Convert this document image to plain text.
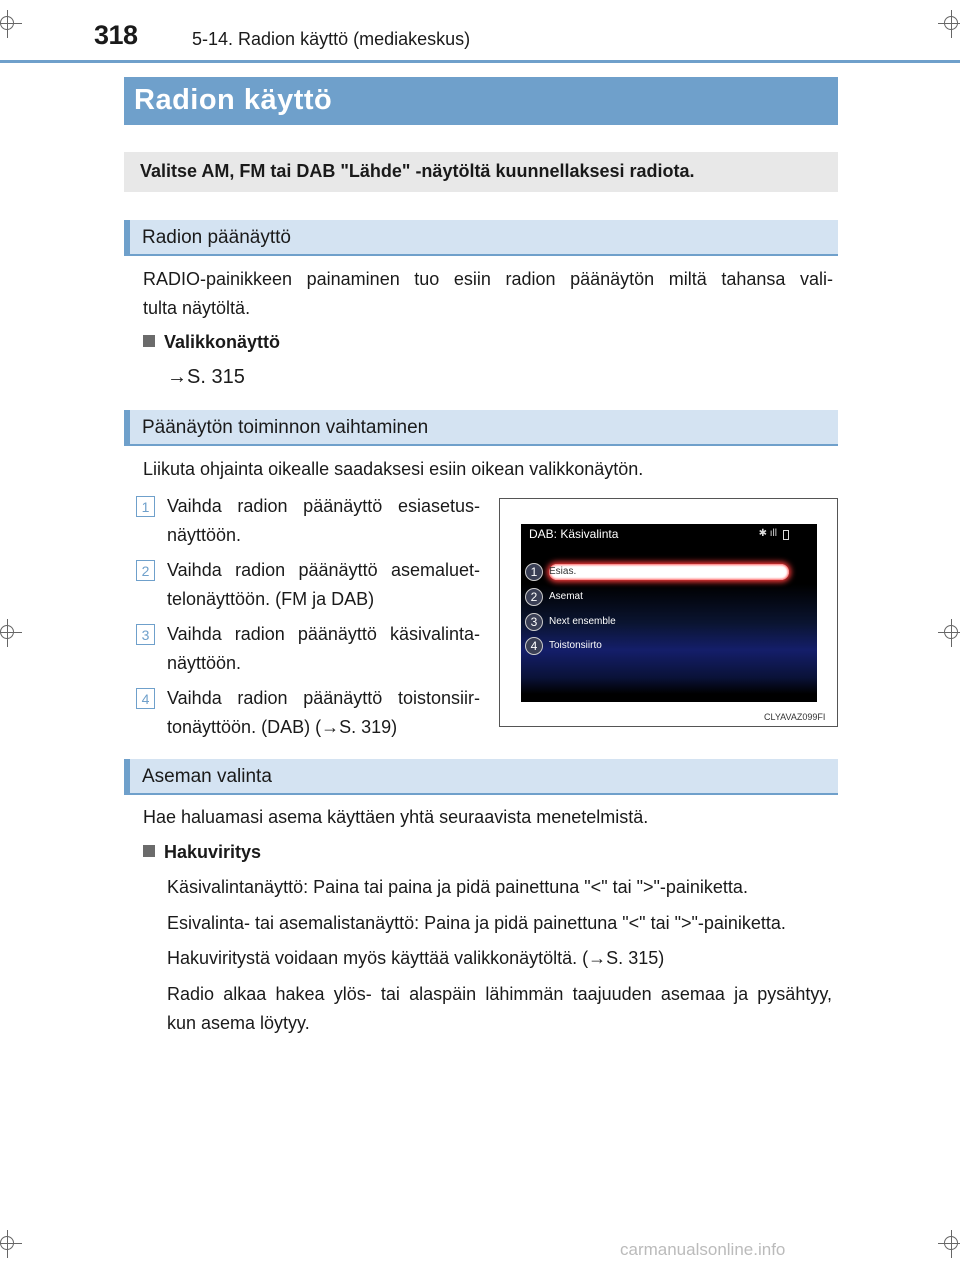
318	5-14. Radion käyttö (mediakeskus)
Radion käyttö
Valitse AM, FM tai DAB "Lähde" -näytöltä kuunnellaksesi radiota.
Radion päänäyttö
RADIO-painikkeen painaminen tuo esiin radion päänäytön miltä tahansa vali-
tulta näytöltä.
Valikkonäyttö
→S. 315
Päänäytön toiminnon vaihtaminen
Liikuta ohjainta oikealle saadaksesi esiin oikean valikkonäytön.
1 Vaihda radion päänäyttö esiasetus-
näyttöön.
2 Vaihda radion päänäyttö asemaluet-
telonäyttöön. (FM ja DAB)
3 Vaihda radion päänäyttö käsivalinta-
näyttöön.
4 Vaihda radion päänäyttö toistonsiir-
tonäyttöön. (DAB) (→S. 319)
DAB: Käsivalinta	✱ ıll
1	Esias.
2	Asemat
3	Next ensemble
4	Toistonsiirto
CLYAVAZ099FI
Aseman valinta
Hae haluamasi asema käyttäen yhtä seuraavista menetelmistä.
Hakuviritys
Käsivalintanäyttö: Paina tai paina ja pidä painettuna "<" tai ">"-painiketta.
Esivalinta- tai asemalistanäyttö: Paina ja pidä painettuna "<" tai ">"-painiketta.
Hakuviritystä voidaan myös käyttää valikkonäytöltä. (→S. 315)
Radio alkaa hakea ylös- tai alaspäin lähimmän taajuuden asemaa ja pysähtyy,
kun asema löytyy.
carmanualsonline.info
